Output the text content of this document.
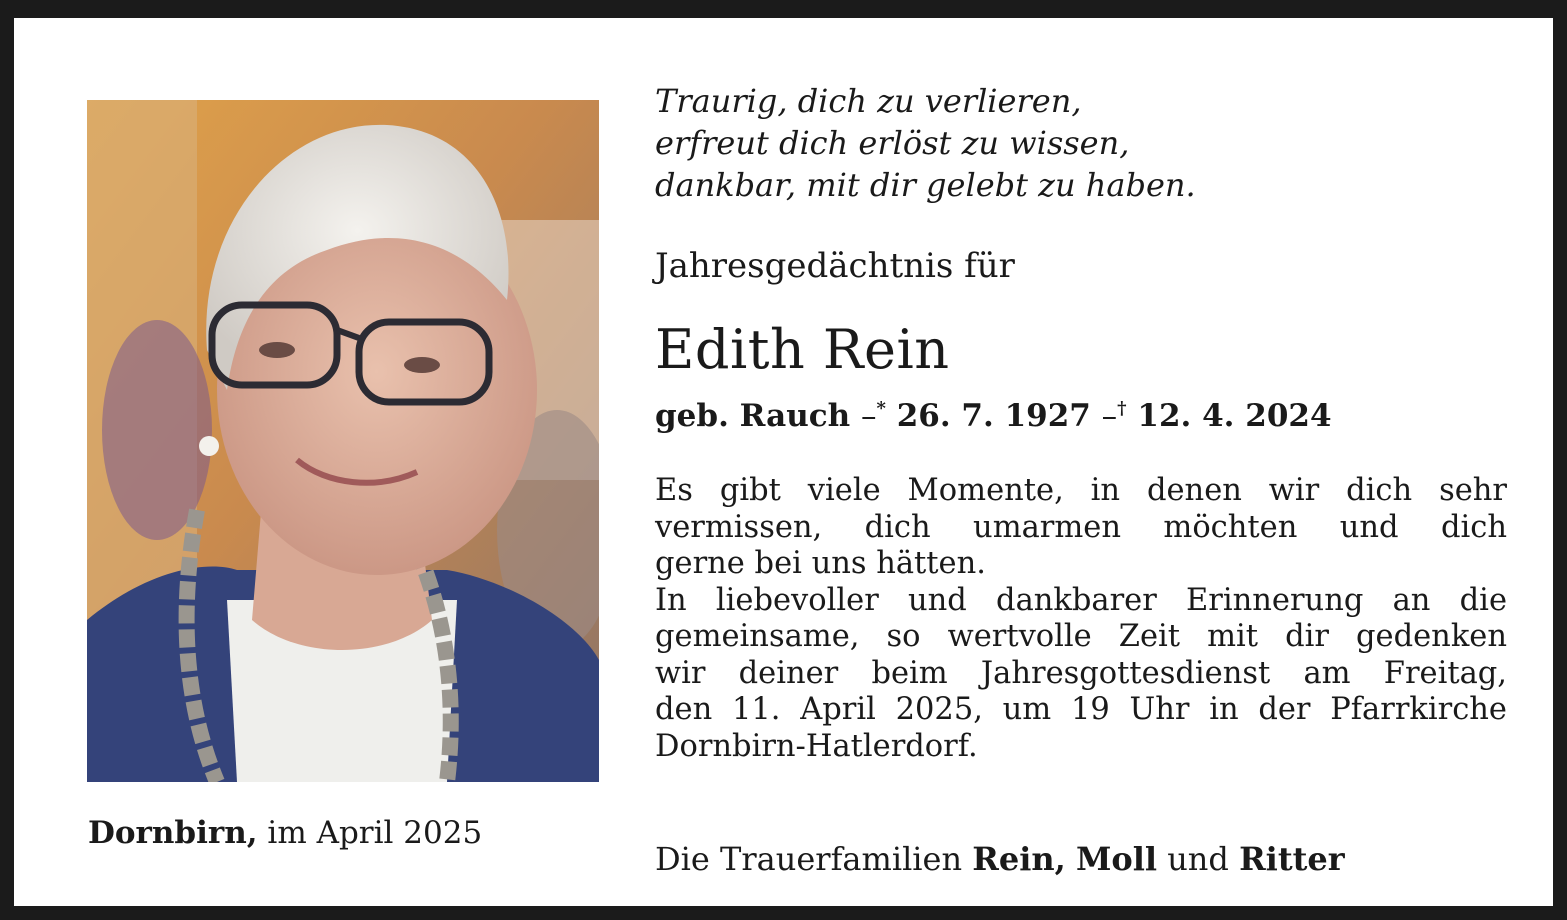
Dornbirn, im April 2025
Traurig, dich zu verlieren,
erfreut dich erlöst zu wissen,
dankbar, mit dir gelebt zu haben.
Jahresgedächtnis für
Edith Rein
geb. Rauch –* 26. 7. 1927 –† 12. 4. 2024
Es gibt viele Momente, in denen wir dich sehr
vermissen, dich umarmen möchten und dich
gerne bei uns hätten.
In liebevoller und dankbarer Erinnerung an die
gemeinsame, so wertvolle Zeit mit dir gedenken
wir deiner beim Jahresgottesdienst am Freitag,
den 11. April 2025, um 19 Uhr in der Pfarrkirche
Dornbirn-Hatlerdorf.
Die Trauerfamilien Rein, Moll und Ritter
